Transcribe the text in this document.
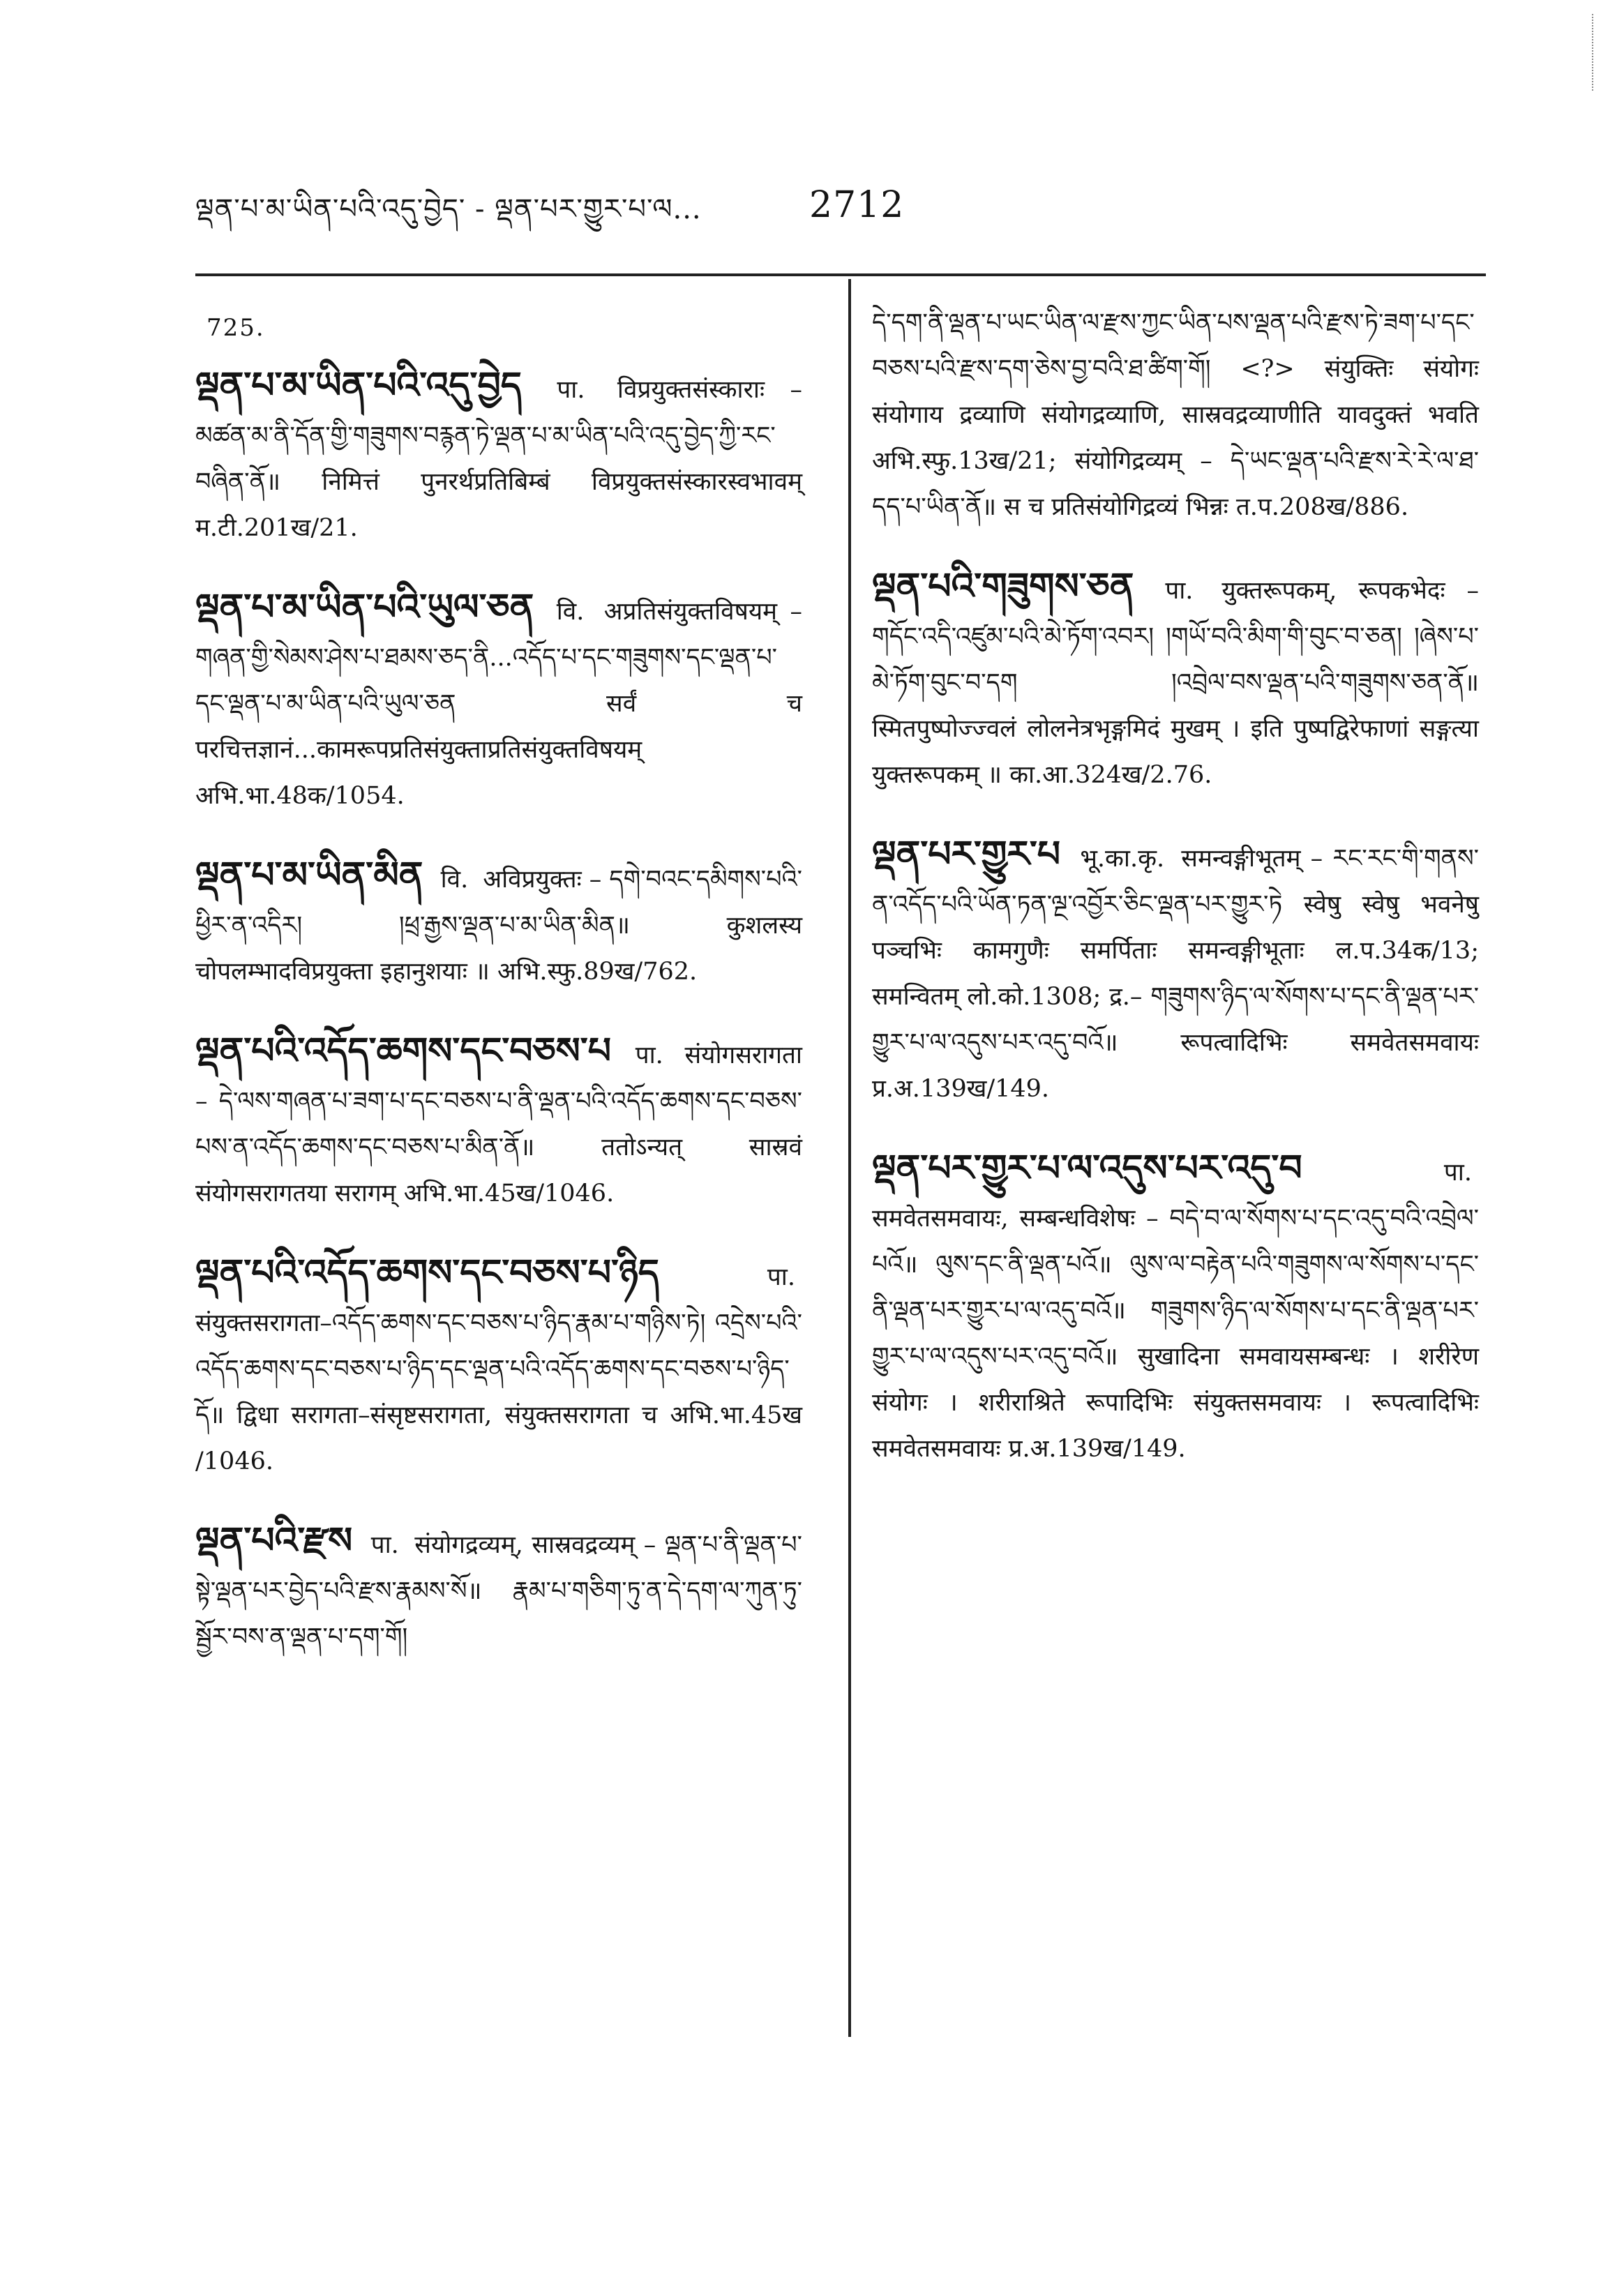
ལྡན་པ་མ་ཡིན་པའི་འདུ་བྱེད་ - ལྡན་པར་གྱུར་པ་ལ...	2712
725.
ལྡན་པ་མ་ཡིན་པའི་འདུ་བྱེད पा. विप्रयुक्तसंस्काराः – མཚན་མ་ནི་དོན་གྱི་གཟུགས་བརྙན་ཏེ་ལྡན་པ་མ་ཡིན་པའི་འདུ་བྱེད་ཀྱི་རང་བཞིན་ནོ॥ निमित्तं पुनरर्थप्रतिबिम्बं विप्रयुक्तसंस्कारस्वभावम् म.टी.201ख/21.
ལྡན་པ་མ་ཡིན་པའི་ཡུལ་ཅན वि. अप्रतिसंयुक्तविषयम् – གཞན་གྱི་སེམས་ཤེས་པ་ཐམས་ཅད་ནི...འདོད་པ་དང་གཟུགས་དང་ལྡན་པ་དང་ལྡན་པ་མ་ཡིན་པའི་ཡུལ་ཅན सर्वं च परचित्तज्ञानं...कामरूपप्रतिसंयुक्ताप्रतिसंयुक्तविषयम् अभि.भा.48क/1054.
ལྡན་པ་མ་ཡིན་མིན वि. अविप्रयुक्तः – དགེ་བའང་དམིགས་པའི་ཕྱིར་ན་འདིར། །ཕྲ་རྒྱས་ལྡན་པ་མ་ཡིན་མིན॥ कुशलस्य चोपलम्भादविप्रयुक्ता इहानुशयाः ॥ अभि.स्फु.89ख/762.
ལྡན་པའི་འདོད་ཆགས་དང་བཅས་པ पा. संयोगसरागता – དེ་ལས་གཞན་པ་ཟག་པ་དང་བཅས་པ་ནི་ལྡན་པའི་འདོད་ཆགས་དང་བཅས་པས་ན་འདོད་ཆགས་དང་བཅས་པ་མིན་ནོ॥ ततोऽन्यत् सास्रवं संयोगसरागतया सरागम् अभि.भा.45ख/1046.
ལྡན་པའི་འདོད་ཆགས་དང་བཅས་པ་ཉིད	पा. संयुक्तसरागता–འདོད་ཆགས་དང་བཅས་པ་ཉིད་རྣམ་པ་གཉིས་ཏེ། འདྲེས་པའི་འདོད་ཆགས་དང་བཅས་པ་ཉིད་དང་ལྡན་པའི་འདོད་ཆགས་དང་བཅས་པ་ཉིད་དོ॥ द्विधा सरागता–संसृष्टसरागता, संयुक्तसरागता च अभि.भा.45ख /1046.
ལྡན་པའི་རྫས पा. संयोगद्रव्यम्, सास्रवद्रव्यम् – ལྡན་པ་ནི་ལྡན་པ་སྟེ་ལྡན་པར་བྱེད་པའི་རྫས་རྣམས་སོ॥ རྣམ་པ་གཅིག་ཏུ་ན་དེ་དག་ལ་ཀུན་ཏུ་སྦྱོར་བས་ན་ལྡན་པ་དག་གོ།
དེ་དག་ནི་ལྡན་པ་ཡང་ཡིན་ལ་རྫས་ཀྱང་ཡིན་པས་ལྡན་པའི་རྫས་ཏེ་ཟག་པ་དང་བཅས་པའི་རྫས་དག་ཅེས་བྱ་བའི་ཐ་ཚིག་གོ། <?> संयुक्तिः संयोगः संयोगाय द्रव्याणि संयोगद्रव्याणि, सास्रवद्रव्याणीति यावदुक्तं भवति अभि.स्फु.13ख/21; संयोगिद्रव्यम् – དེ་ཡང་ལྡན་པའི་རྫས་རེ་རེ་ལ་ཐ་དད་པ་ཡིན་ནོ॥ स च प्रतिसंयोगिद्रव्यं भिन्नः त.प.208ख/886.
ལྡན་པའི་གཟུགས་ཅན पा. युक्तरूपकम्, रूपकभेदः – གདོང་འདི་འཛུམ་པའི་མེ་ཏོག་འབར། །གཡོ་བའི་མིག་གི་བུང་བ་ཅན། །ཞེས་པ་མེ་ཏོག་བུང་བ་དག །འབྲེལ་བས་ལྡན་པའི་གཟུགས་ཅན་ནོ॥ स्मितपुष्पोज्ज्वलं लोलनेत्रभृङ्गमिदं मुखम् । इति पुष्पद्विरेफाणां सङ्गत्या युक्तरूपकम् ॥ का.आ.324ख/2.76.
ལྡན་པར་གྱུར་པ भू.का.कृ. समन्वङ्गीभूतम् – རང་རང་གི་གནས་ན་འདོད་པའི་ཡོན་ཏན་ལྔ་འབྱོར་ཅིང་ལྡན་པར་གྱུར་ཏེ स्वेषु स्वेषु भवनेषु पञ्चभिः कामगुणैः समर्पिताः समन्वङ्गीभूताः ल.प.34क/13; समन्वितम् लो.को.1308; द्र.– གཟུགས་ཉིད་ལ་སོགས་པ་དང་ནི་ལྡན་པར་གྱུར་པ་ལ་འདུས་པར་འདུ་བའོ॥ रूपत्वादिभिः समवेतसमवायः प्र.अ.139ख/149.
ལྡན་པར་གྱུར་པ་ལ་འདུས་པར་འདུ་བ	पा. समवेतसमवायः, सम्बन्धविशेषः – བདེ་བ་ལ་སོགས་པ་དང་འདུ་བའི་འབྲེལ་པའོ॥ ལུས་དང་ནི་ལྡན་པའོ॥ ལུས་ལ་བརྟེན་པའི་གཟུགས་ལ་སོགས་པ་དང་ནི་ལྡན་པར་གྱུར་པ་ལ་འདུ་བའོ॥ གཟུགས་ཉིད་ལ་སོགས་པ་དང་ནི་ལྡན་པར་གྱུར་པ་ལ་འདུས་པར་འདུ་བའོ॥ सुखादिना समवायसम्बन्धः । शरीरेण संयोगः । शरीराश्रिते रूपादिभिः संयुक्तसमवायः । रूपत्वादिभिः समवेतसमवायः प्र.अ.139ख/149.
